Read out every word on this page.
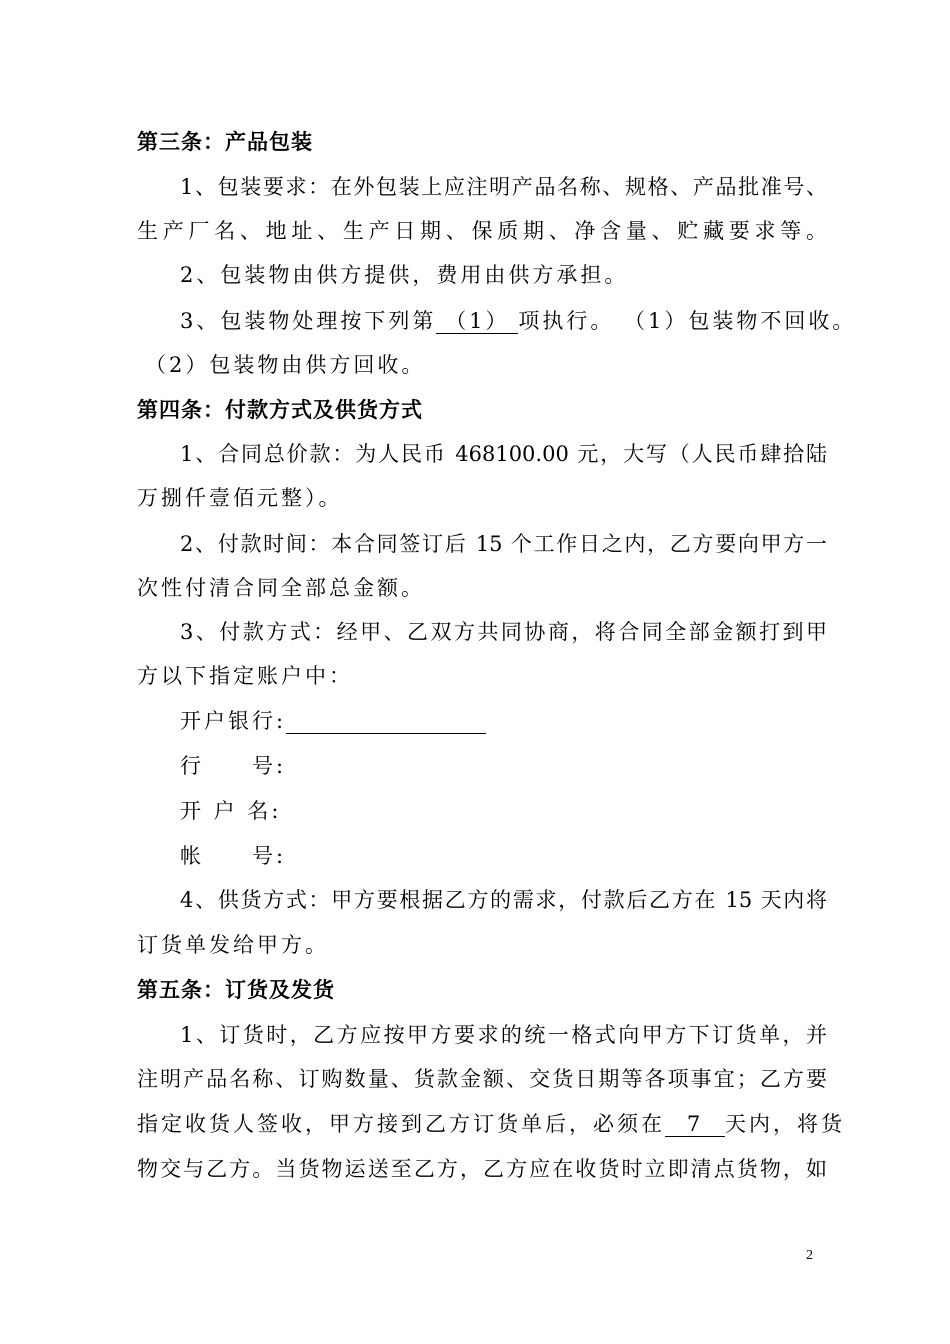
第三条：产品包装
1、包装要求：在外包装上应注明产品名称、规格、产品批准号、
生产厂名、地址、生产日期、保质期、净含量、贮藏要求等。
2、包装物由供方提供，费用由供方承担。
3、包装物处理按下列第 （1） 项执行。 （1）包装物不回收。
（2）包装物由供方回收。
第四条：付款方式及供货方式
1、合同总价款：为人民币 468100.00 元，大写（人民币肆拾陆
万捌仟壹佰元整）。
2、付款时间：本合同签订后 15 个工作日之内，乙方要向甲方一
次性付清合同全部总金额。
3、付款方式：经甲、乙双方共同协商，将合同全部金额打到甲
方以下指定账户中：
开户银行:
行　　号:
开 户 名:
帐　　号:
4、供货方式：甲方要根据乙方的需求，付款后乙方在 15 天内将
订货单发给甲方。
第五条：订货及发货
1、订货时，乙方应按甲方要求的统一格式向甲方下订货单，并
注明产品名称、订购数量、货款金额、交货日期等各项事宜；乙方要
指定收货人签收，甲方接到乙方订货单后，必须在 7 天内，将货
物交与乙方。当货物运送至乙方，乙方应在收货时立即清点货物，如
2
